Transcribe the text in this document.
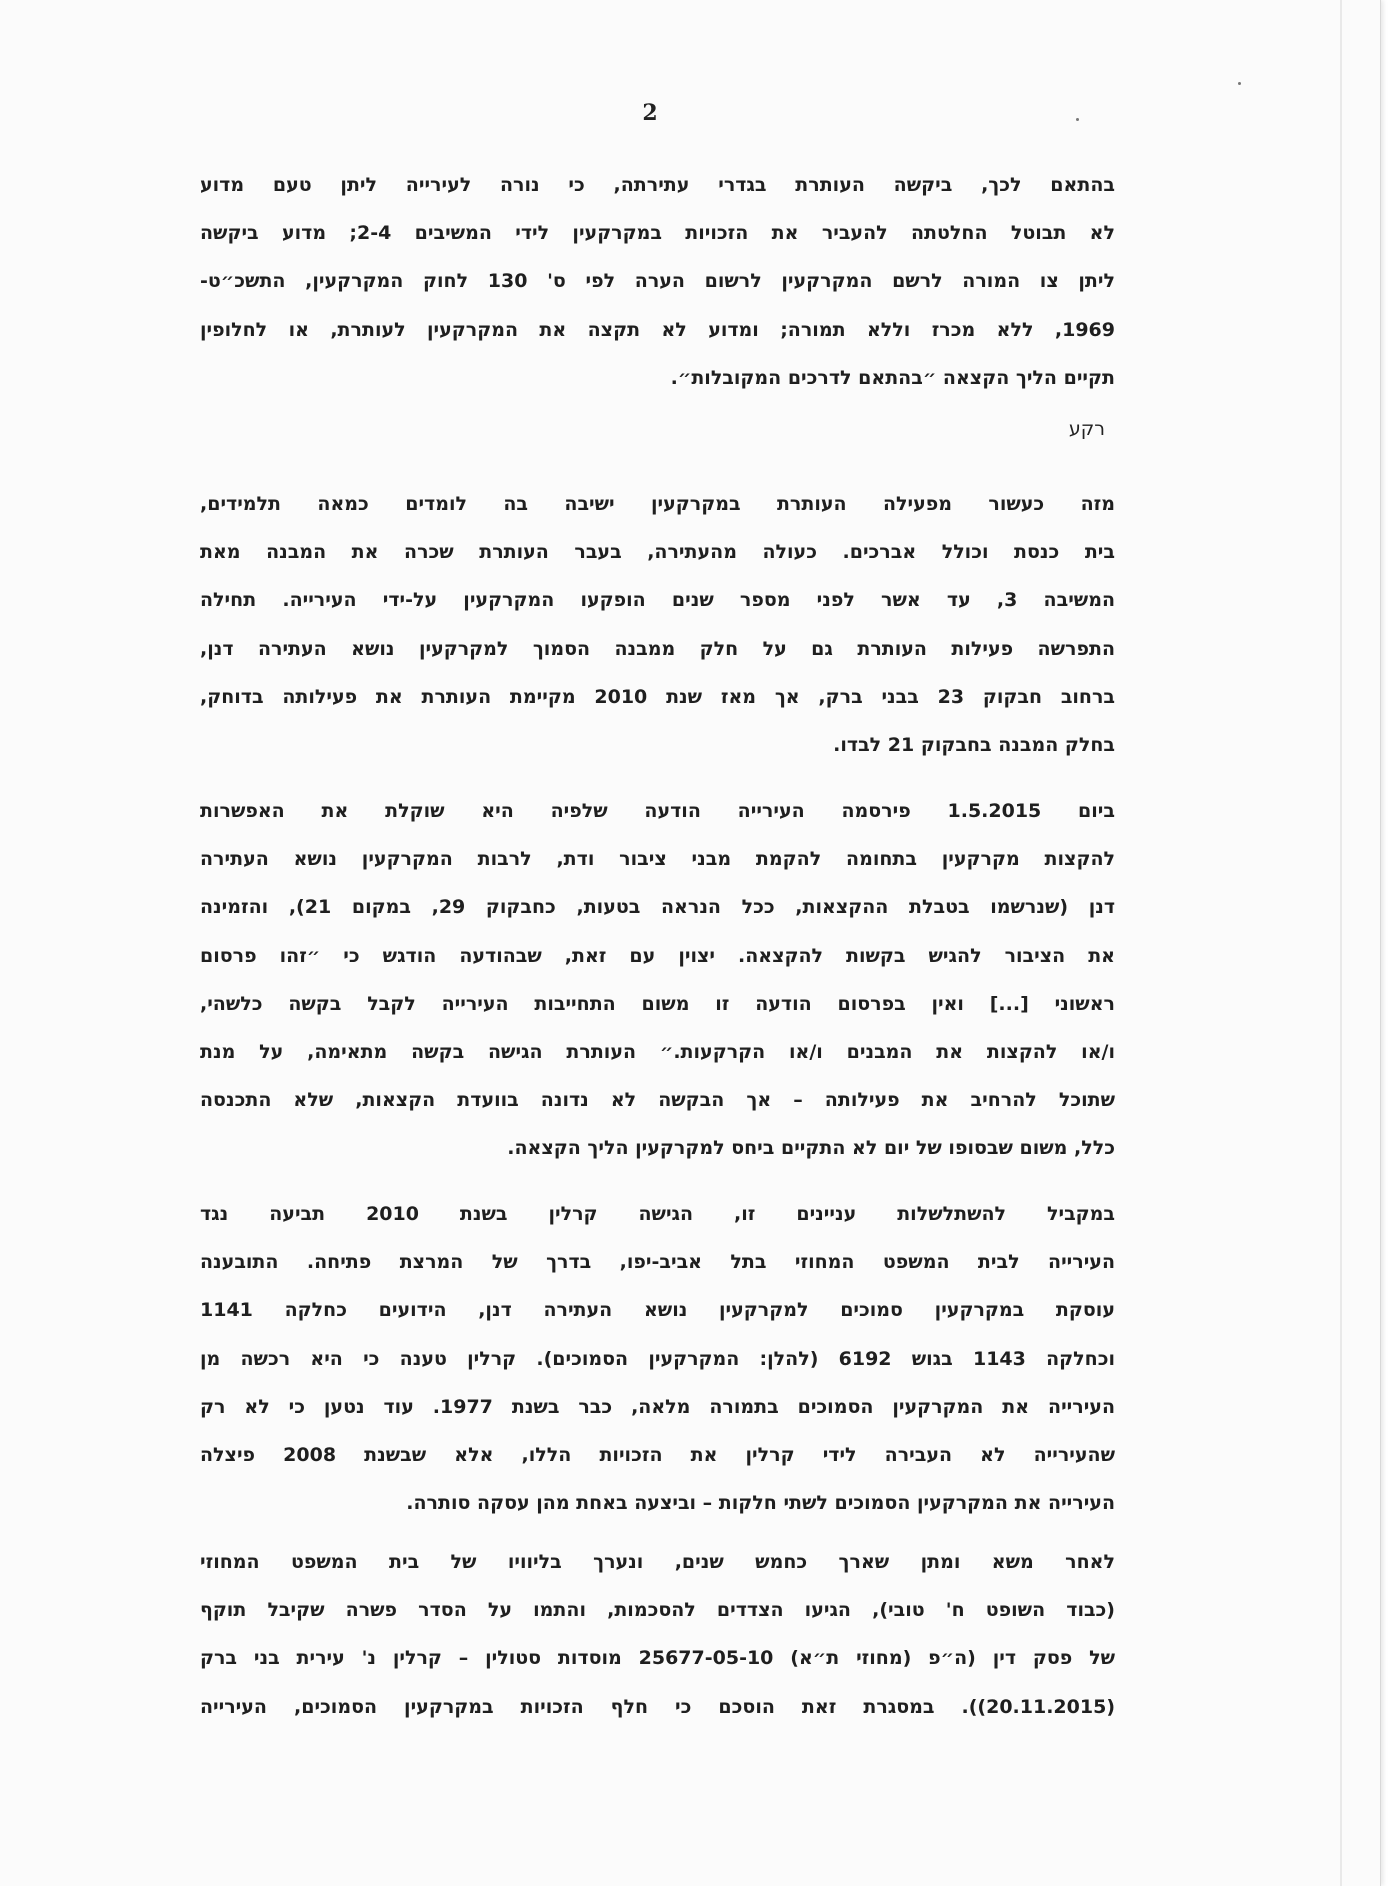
2
בהתאם לכך, ביקשה העותרת בגדרי עתירתה, כי נורה לעירייה ליתן טעם מדוע
לא תבוטל החלטתה להעביר את הזכויות במקרקעין לידי המשיבים 2-4; מדוע ביקשה
ליתן צו המורה לרשם המקרקעין לרשום הערה לפי ס' 130 לחוק המקרקעין, התשכ״ט-
1969, ללא מכרז וללא תמורה; ומדוע לא תקצה את המקרקעין לעותרת, או לחלופין
תקיים הליך הקצאה ״בהתאם לדרכים המקובלות״.
רקע
מזה כעשור מפעילה העותרת במקרקעין ישיבה בה לומדים כמאה תלמידים,
בית כנסת וכולל אברכים. כעולה מהעתירה, בעבר העותרת שכרה את המבנה מאת
המשיבה 3, עד אשר לפני מספר שנים הופקעו המקרקעין על-ידי העירייה. תחילה
התפרשה פעילות העותרת גם על חלק ממבנה הסמוך למקרקעין נושא העתירה דנן,
ברחוב חבקוק 23 בבני ברק, אך מאז שנת 2010 מקיימת העותרת את פעילותה בדוחק,
בחלק המבנה בחבקוק 21 לבדו.
ביום 1.5.2015 פירסמה העירייה הודעה שלפיה היא שוקלת את האפשרות
להקצות מקרקעין בתחומה להקמת מבני ציבור ודת, לרבות המקרקעין נושא העתירה
דנן (שנרשמו בטבלת ההקצאות, ככל הנראה בטעות, כחבקוק 29, במקום 21), והזמינה
את הציבור להגיש בקשות להקצאה. יצוין עם זאת, שבהודעה הודגש כי ״זהו פרסום
ראשוני [...] ואין בפרסום הודעה זו משום התחייבות העירייה לקבל בקשה כלשהי,
ו/או להקצות את המבנים ו/או הקרקעות.״ העותרת הגישה בקשה מתאימה, על מנת
שתוכל להרחיב את פעילותה – אך הבקשה לא נדונה בוועדת הקצאות, שלא התכנסה
כלל, משום שבסופו של יום לא התקיים ביחס למקרקעין הליך הקצאה.
במקביל להשתלשלות עניינים זו, הגישה קרלין בשנת 2010 תביעה נגד
העירייה לבית המשפט המחוזי בתל אביב-יפו, בדרך של המרצת פתיחה. התובענה
עוסקת במקרקעין סמוכים למקרקעין נושא העתירה דנן, הידועים כחלקה 1141
וכחלקה 1143 בגוש 6192 (להלן: המקרקעין הסמוכים). קרלין טענה כי היא רכשה מן
העירייה את המקרקעין הסמוכים בתמורה מלאה, כבר בשנת 1977. עוד נטען כי לא רק
שהעירייה לא העבירה לידי קרלין את הזכויות הללו, אלא שבשנת 2008 פיצלה
העירייה את המקרקעין הסמוכים לשתי חלקות – וביצעה באחת מהן עסקה סותרה.
לאחר משא ומתן שארך כחמש שנים, ונערך בליוויו של בית המשפט המחוזי
(כבוד השופט ח' טובי), הגיעו הצדדים להסכמות, והתמו על הסדר פשרה שקיבל תוקף
של פסק דין (ה״פ (מחוזי ת״א) 25677-05-10 מוסדות סטולין – קרלין נ' עירית בני ברק
(20.11.2015)). במסגרת זאת הוסכם כי חלף הזכויות במקרקעין הסמוכים, העירייה
